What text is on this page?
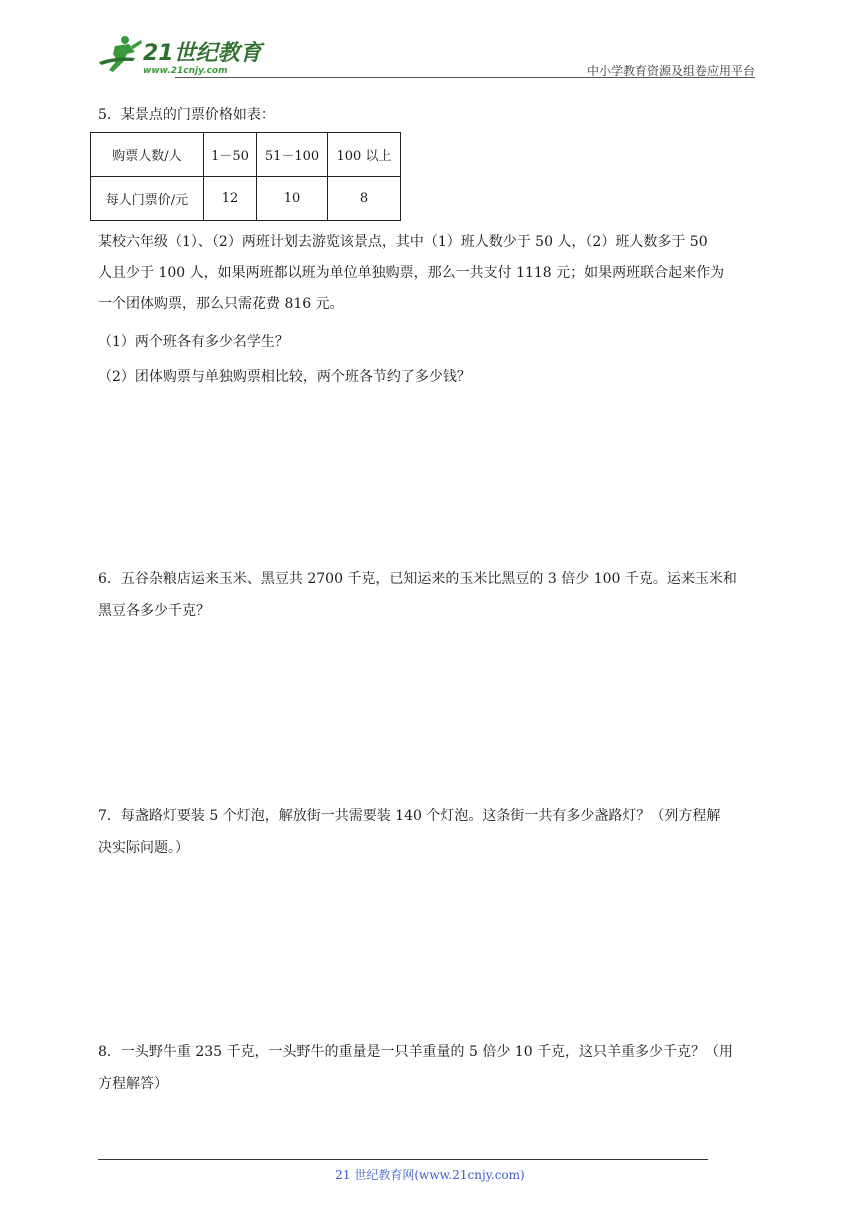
21世纪教育
www.21cnjy.com	中小学教育资源及组卷应用平台
5．某景点的门票价格如表：
某校六年级（1）、（2）两班计划去游览该景点，其中（1）班人数少于 50 人，（2）班人数多于 50
人且少于 100 人，如果两班都以班为单位单独购票，那么一共支付 1118 元；如果两班联合起来作为
一个团体购票，那么只需花费 816 元。
（1）两个班各有多少名学生？
（2）团体购票与单独购票相比较，两个班各节约了多少钱？
6．五谷杂粮店运来玉米、黑豆共 2700 千克，已知运来的玉米比黑豆的 3 倍少 100 千克。运来玉米和
黑豆各多少千克？
7．每盏路灯要装 5 个灯泡，解放街一共需要装 140 个灯泡。这条街一共有多少盏路灯？（列方程解
决实际问题。）
8．一头野牛重 235 千克，一头野牛的重量是一只羊重量的 5 倍少 10 千克，这只羊重多少千克？（用
方程解答）
购票人数/人	1－50	51－100	100 以上
每人门票价/元	12	10	8
21 世纪教育网(www.21cnjy.com)
